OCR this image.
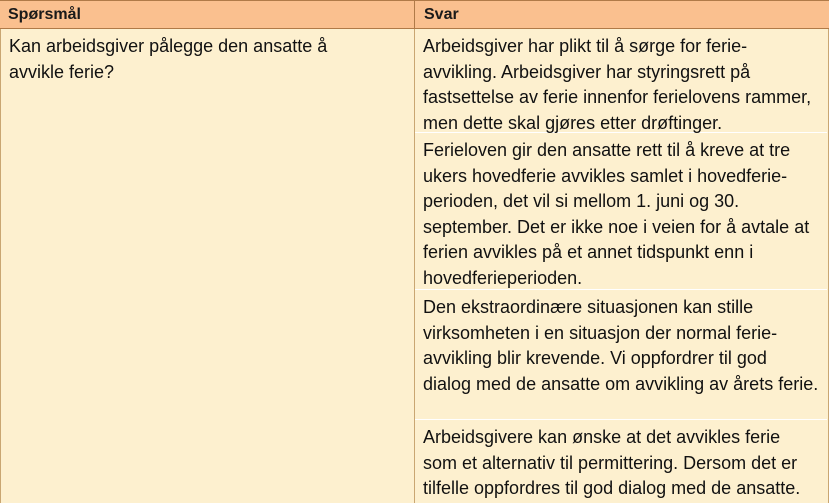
Spørsmål	Svar
Kan arbeidsgiver pålegge den ansatte å avvikle ferie?
Arbeidsgiver har plikt til å sørge for ferie-avvikling. Arbeidsgiver har styringsrett på fastsettelse av ferie innenfor ferielovens rammer, men dette skal gjøres etter drøftinger.
Ferieloven gir den ansatte rett til å kreve at tre ukers hovedferie avvikles samlet i hovedferie-perioden, det vil si mellom 1. juni og 30. september. Det er ikke noe i veien for å avtale at ferien avvikles på et annet tidspunkt enn i hovedferieperioden.
Den ekstraordinære situasjonen kan stille virksomheten i en situasjon der normal ferie-avvikling blir krevende. Vi oppfordrer til god dialog med de ansatte om avvikling av årets ferie.
Arbeidsgivere kan ønske at det avvikles ferie som et alternativ til permittering. Dersom det er tilfelle oppfordres til god dialog med de ansatte.
